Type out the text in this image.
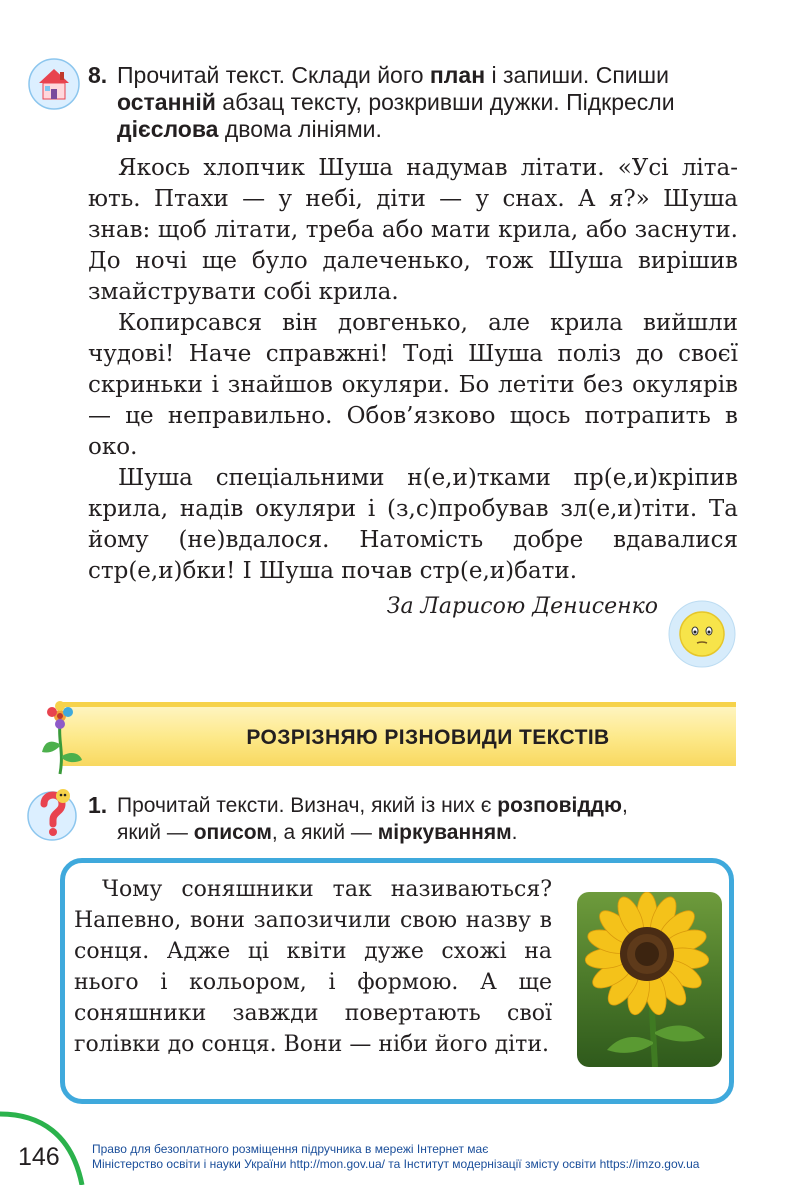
8. Прочитай текст. Склади його план і запиши. Спиши
останній абзац тексту, розкривши дужки. Підкресли
дієслова двома лініями.

Якось хлопчик Шуша надумав літати. «Усі літають. Птахи — у небі, діти — у снах. А я?» Шуша знав: щоб літати, треба або мати крила, або заснути. До ночі ще було далеченько, тож Шуша вирішив змайструвати собі крила.

Копирсався він довгенько, але крила вийшли чудові! Наче справжні! Тоді Шуша поліз до своєї скриньки і знайшов окуляри. Бо летіти без окулярів — це неправильно. Обов’язково щось потрапить в око.

Шуша спеціальними н(е,и)тками пр(е,и)кріпив крила, надів окуляри і (з,с)пробував зл(е,и)тіти. Та йому (не)вдалося. Натомість добре вдавалися стр(е,и)бки! І Шуша почав стр(е,и)бати.

За Ларисою Денисенко
РОЗРІЗНЯЮ РІЗНОВИДИ ТЕКСТІВ
1. Прочитай тексти. Визнач, який із них є розповіддю,
який — описом, а який — міркуванням.

Чому соняшники так називаються? Напевно, вони запозичили свою назву в сонця. Адже ці квіти дуже схожі на нього і кольором, і формою. А ще соняшники завжди повертають свої голівки до сонця. Вони — ніби його діти.

146	Право для безоплатного розміщення підручника в мережі Інтернет має
Міністерство освіти і науки України http://mon.gov.ua/ та Інститут модернізації змісту освіти https://imzo.gov.ua
